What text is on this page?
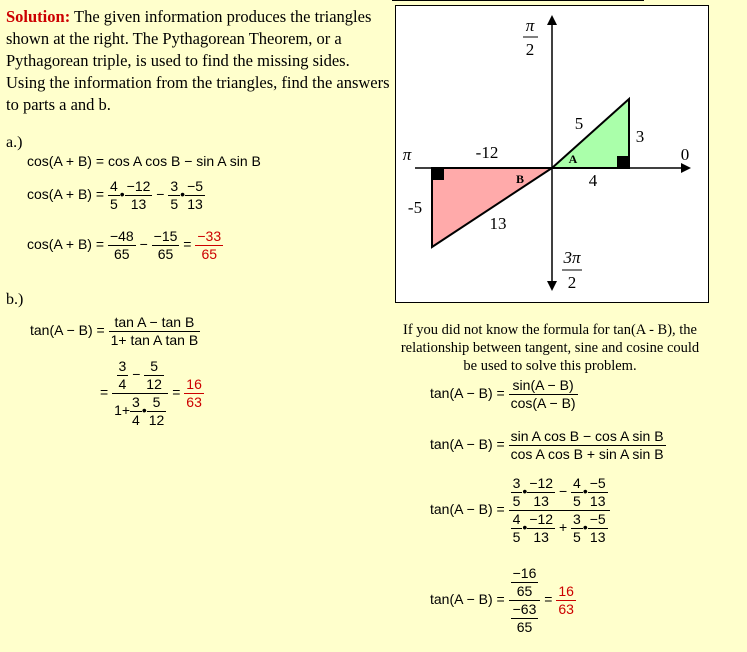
Solution: The given information produces the triangles shown at the right. The Pythagorean Theorem, or a Pythagorean triple, is used to find the missing sides. Using the information from the triangles, find the answers to parts a and b.
a.)
cos(A + B) = cos A cos B − sin A sin B
$\cos(A + B) = \frac{4}{5}$ • $\frac{-12}{13} - \frac{3}{5}$ • $\frac{-5}{13}$
$\cos(A + B) = \frac{-48}{65} - \frac{-15}{65} = \frac{-33}{65}$
b.)
$\tan(A - B) = \frac{\text{tan A − tan B}}{\text{1+ tan A tan B}}$
= $\frac{\frac{3}{4} - \frac{5}{12}}{1+ \frac{3}{4} • \frac{5}{12}} = \frac{16}{63}$
π
2
π	0
3π
2
-12
-5
13
5
3
4
A
B
If you did not know the formula for tan(A - B), the relationship between tangent, sine and cosine could be used to solve this problem.
$\tan(A - B) = \frac{\sin(A - B)}{\cos(A - B)}$
$\tan(A - B) = \frac{\text{sin A cos B − cos A sin B}}{\text{cos A cos B + sin A sin B}}$
$\tan(A - B) = \frac{\frac{3}{5} • \frac{-12}{13} - \frac{4}{5} • \frac{-5}{13}}{\frac{4}{5} • \frac{-12}{13} + \frac{3}{5} • \frac{-5}{13}}$
$\tan(A - B) = \frac{\frac{-16}{65}}{\frac{-63}{65}} = \frac{16}{63}$
